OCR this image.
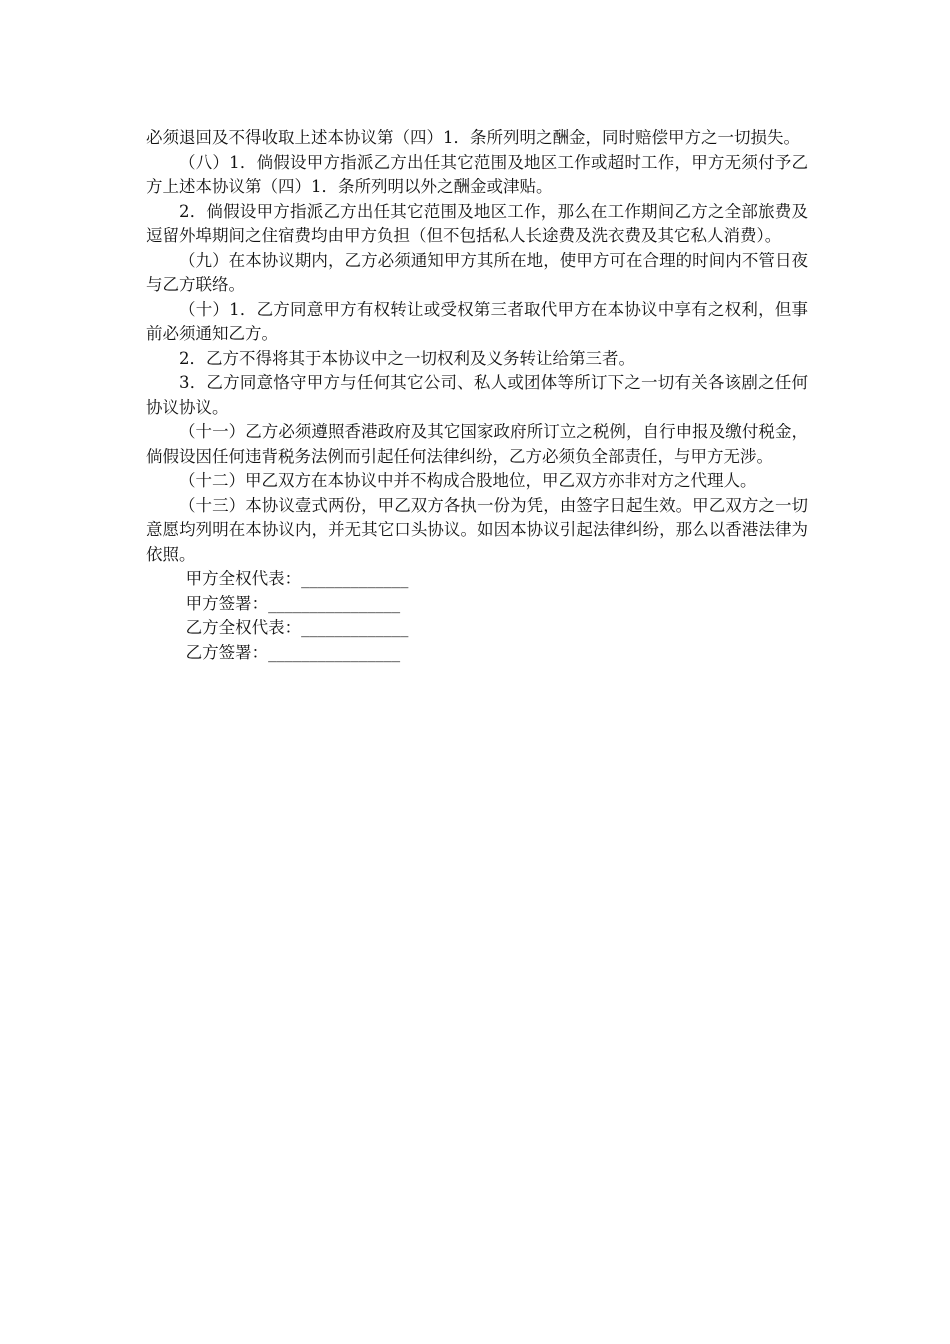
必须退回及不得收取上述本协议第（四）1．条所列明之酬金，同时赔偿甲方之一切损失。

（八）1．倘假设甲方指派乙方出任其它范围及地区工作或超时工作，甲方无须付予乙方上述本协议第（四）1．条所列明以外之酬金或津贴。

2．倘假设甲方指派乙方出任其它范围及地区工作，那么在工作期间乙方之全部旅费及逗留外埠期间之住宿费均由甲方负担（但不包括私人长途费及洗衣费及其它私人消费）。

（九）在本协议期内，乙方必须通知甲方其所在地，使甲方可在合理的时间内不管日夜与乙方联络。

（十）1．乙方同意甲方有权转让或受权第三者取代甲方在本协议中享有之权利，但事前必须通知乙方。

2．乙方不得将其于本协议中之一切权利及义务转让给第三者。

3．乙方同意恪守甲方与任何其它公司、私人或团体等所订下之一切有关各该剧之任何协议协议。

（十一）乙方必须遵照香港政府及其它国家政府所订立之税例，自行申报及缴付税金，倘假设因任何违背税务法例而引起任何法律纠纷，乙方必须负全部责任，与甲方无涉。

（十二）甲乙双方在本协议中并不构成合股地位，甲乙双方亦非对方之代理人。

（十三）本协议壹式两份，甲乙双方各执一份为凭，由签字日起生效。甲乙双方之一切意愿均列明在本协议内，并无其它口头协议。如因本协议引起法律纠纷，那么以香港法律为依照。

甲方全权代表：_____________

甲方签署：________________

乙方全权代表：_____________

乙方签署：________________
